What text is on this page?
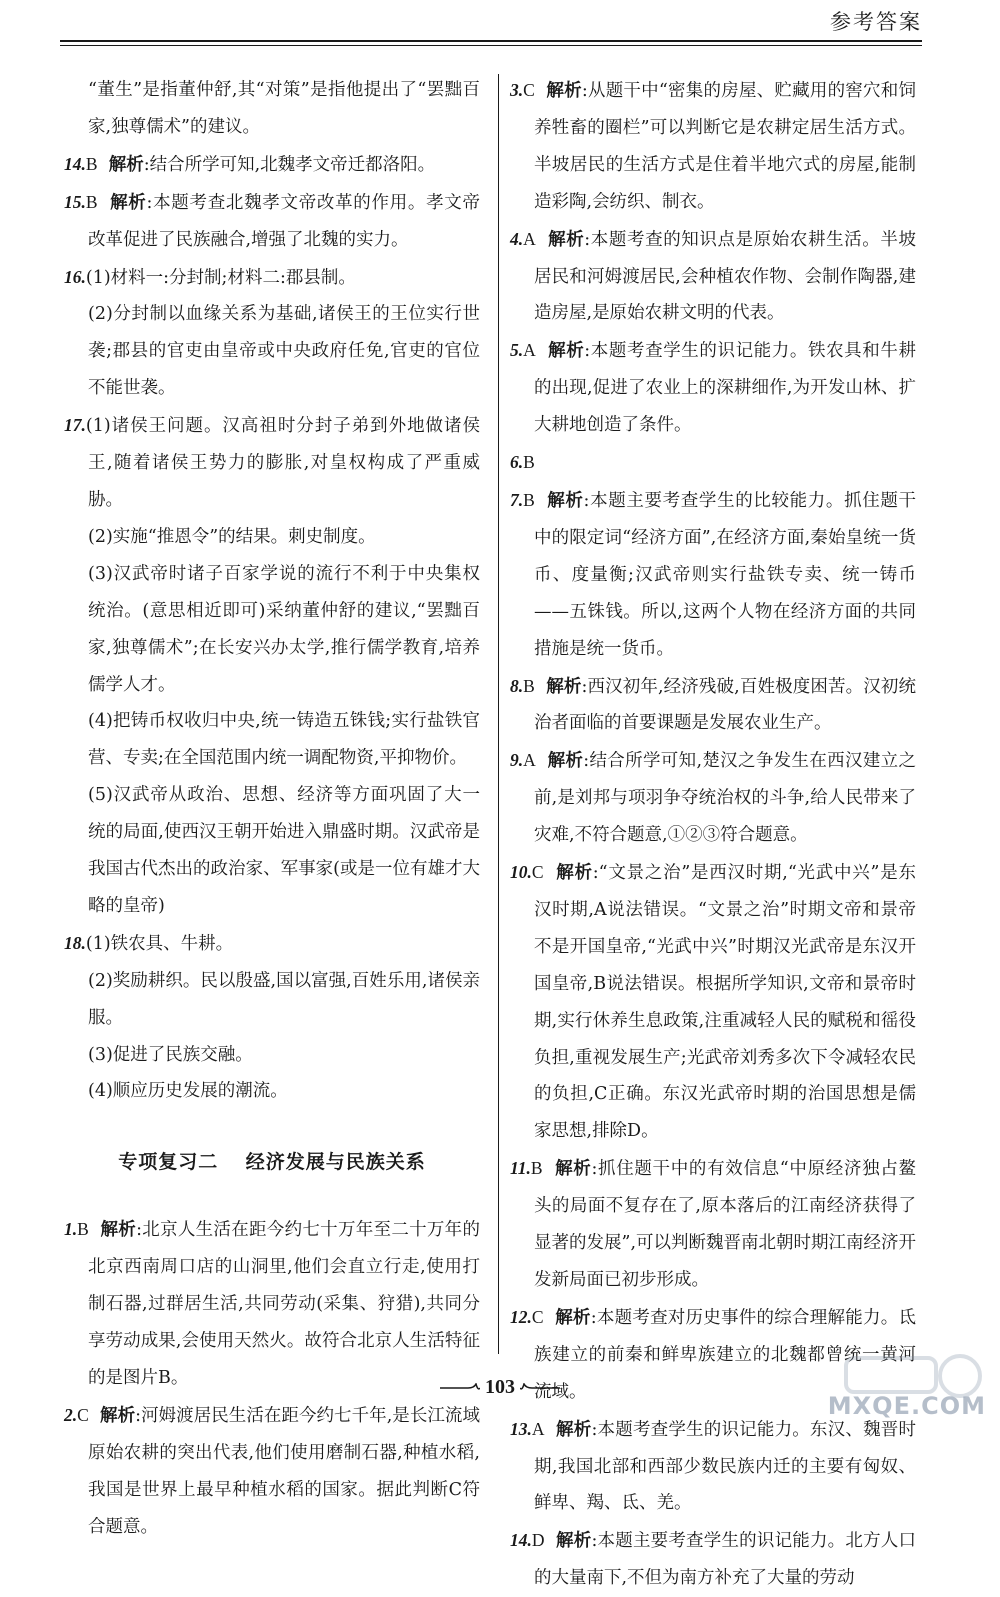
参考答案

“董生”是指董仲舒,其“对策”是指他提出了“罢黜百家,独尊儒术”的建议。

14.B 解析:结合所学可知,北魏孝文帝迁都洛阳。

15.B 解析:本题考查北魏孝文帝改革的作用。孝文帝改革促进了民族融合,增强了北魏的实力。

16.(1)材料一:分封制;材料二:郡县制。

(2)分封制以血缘关系为基础,诸侯王的王位实行世袭;郡县的官吏由皇帝或中央政府任免,官吏的官位不能世袭。

17.(1)诸侯王问题。汉高祖时分封子弟到外地做诸侯王,随着诸侯王势力的膨胀,对皇权构成了严重威胁。

(2)实施“推恩令”的结果。刺史制度。

(3)汉武帝时诸子百家学说的流行不利于中央集权统治。(意思相近即可)采纳董仲舒的建议,“罢黜百家,独尊儒术”;在长安兴办太学,推行儒学教育,培养儒学人才。

(4)把铸币权收归中央,统一铸造五铢钱;实行盐铁官营、专卖;在全国范围内统一调配物资,平抑物价。

(5)汉武帝从政治、思想、经济等方面巩固了大一统的局面,使西汉王朝开始进入鼎盛时期。汉武帝是我国古代杰出的政治家、军事家(或是一位有雄才大略的皇帝)

18.(1)铁农具、牛耕。

(2)奖励耕织。民以殷盛,国以富强,百姓乐用,诸侯亲服。

(3)促进了民族交融。

(4)顺应历史发展的潮流。

专项复习二 经济发展与民族关系

1.B 解析:北京人生活在距今约七十万年至二十万年的北京西南周口店的山洞里,他们会直立行走,使用打制石器,过群居生活,共同劳动(采集、狩猎),共同分享劳动成果,会使用天然火。故符合北京人生活特征的是图片B。

2.C 解析:河姆渡居民生活在距今约七千年,是长江流域原始农耕的突出代表,他们使用磨制石器,种植水稻,我国是世界上最早种植水稻的国家。据此判断C符合题意。

3.C 解析:从题干中“密集的房屋、贮藏用的窖穴和饲养牲畜的圈栏”可以判断它是农耕定居生活方式。半坡居民的生活方式是住着半地穴式的房屋,能制造彩陶,会纺织、制衣。

4.A 解析:本题考查的知识点是原始农耕生活。半坡居民和河姆渡居民,会种植农作物、会制作陶器,建造房屋,是原始农耕文明的代表。

5.A 解析:本题考查学生的识记能力。铁农具和牛耕的出现,促进了农业上的深耕细作,为开发山林、扩大耕地创造了条件。

6.B

7.B 解析:本题主要考查学生的比较能力。抓住题干中的限定词“经济方面”,在经济方面,秦始皇统一货币、度量衡;汉武帝则实行盐铁专卖、统一铸币——五铢钱。所以,这两个人物在经济方面的共同措施是统一货币。

8.B 解析:西汉初年,经济残破,百姓极度困苦。汉初统治者面临的首要课题是发展农业生产。

9.A 解析:结合所学可知,楚汉之争发生在西汉建立之前,是刘邦与项羽争夺统治权的斗争,给人民带来了灾难,不符合题意,①②③符合题意。

10.C 解析:“文景之治”是西汉时期,“光武中兴”是东汉时期,A说法错误。“文景之治”时期文帝和景帝不是开国皇帝,“光武中兴”时期汉光武帝是东汉开国皇帝,B说法错误。根据所学知识,文帝和景帝时期,实行休养生息政策,注重减轻人民的赋税和徭役负担,重视发展生产;光武帝刘秀多次下令减轻农民的负担,C正确。东汉光武帝时期的治国思想是儒家思想,排除D。

11.B 解析:抓住题干中的有效信息“中原经济独占鳌头的局面不复存在了,原本落后的江南经济获得了显著的发展”,可以判断魏晋南北朝时期江南经济开发新局面已初步形成。

12.C 解析:本题考查对历史事件的综合理解能力。氐族建立的前秦和鲜卑族建立的北魏都曾统一黄河流域。

13.A 解析:本题考查学生的识记能力。东汉、魏晋时期,我国北部和西部少数民族内迁的主要有匈奴、鲜卑、羯、氐、羌。

14.D 解析:本题主要考查学生的识记能力。北方人口的大量南下,不但为南方补充了大量的劳动

103
MXQE.COM
